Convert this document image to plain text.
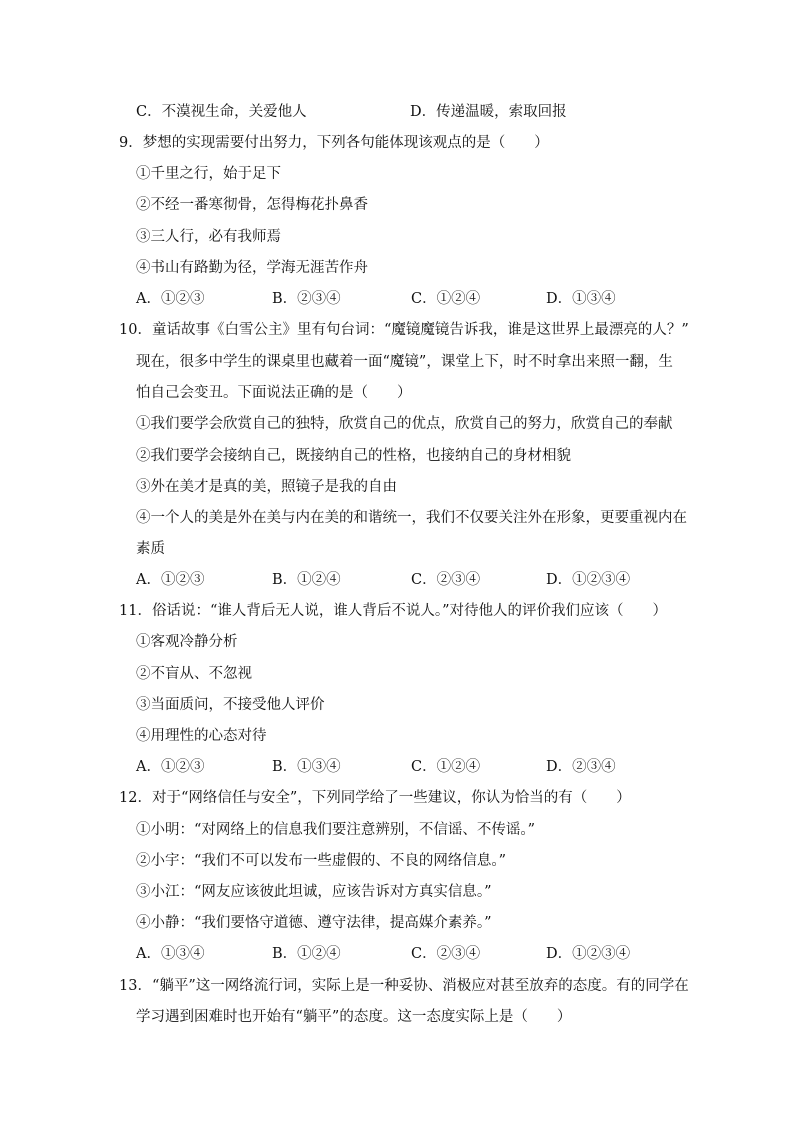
C．不漠视生命，关爱他人	D．传递温暖，索取回报
9．梦想的实现需要付出努力，下列各句能体现该观点的是（　　）
①千里之行，始于足下
②不经一番寒彻骨，怎得梅花扑鼻香
③三人行，必有我师焉
④书山有路勤为径，学海无涯苦作舟
A．①②③	B．②③④	C．①②④	D．①③④
10．童话故事《白雪公主》里有句台词：“魔镜魔镜告诉我，谁是这世界上最漂亮的人？”
现在，很多中学生的课桌里也藏着一面“魔镜”，课堂上下，时不时拿出来照一翻，生
怕自己会变丑。下面说法正确的是（　　）
①我们要学会欣赏自己的独特，欣赏自己的优点，欣赏自己的努力，欣赏自己的奉献
②我们要学会接纳自己，既接纳自己的性格，也接纳自己的身材相貌
③外在美才是真的美，照镜子是我的自由
④一个人的美是外在美与内在美的和谐统一，我们不仅要关注外在形象，更要重视内在
素质
A．①②③	B．①②④	C．②③④	D．①②③④
11．俗话说：“谁人背后无人说，谁人背后不说人。”对待他人的评价我们应该（　　）
①客观冷静分析
②不盲从、不忽视
③当面质问，不接受他人评价
④用理性的心态对待
A．①②③	B．①③④	C．①②④	D．②③④
12．对于“网络信任与安全”，下列同学给了一些建议，你认为恰当的有（　　）
①小明：“对网络上的信息我们要注意辨别，不信谣、不传谣。”
②小宇：“我们不可以发布一些虚假的、不良的网络信息。”
③小江：“网友应该彼此坦诚，应该告诉对方真实信息。”
④小静：“我们要恪守道德、遵守法律，提高媒介素养。”
A．①③④	B．①②④	C．②③④	D．①②③④
13．“躺平”这一网络流行词，实际上是一种妥协、消极应对甚至放弃的态度。有的同学在
学习遇到困难时也开始有“躺平”的态度。这一态度实际上是（　　）
